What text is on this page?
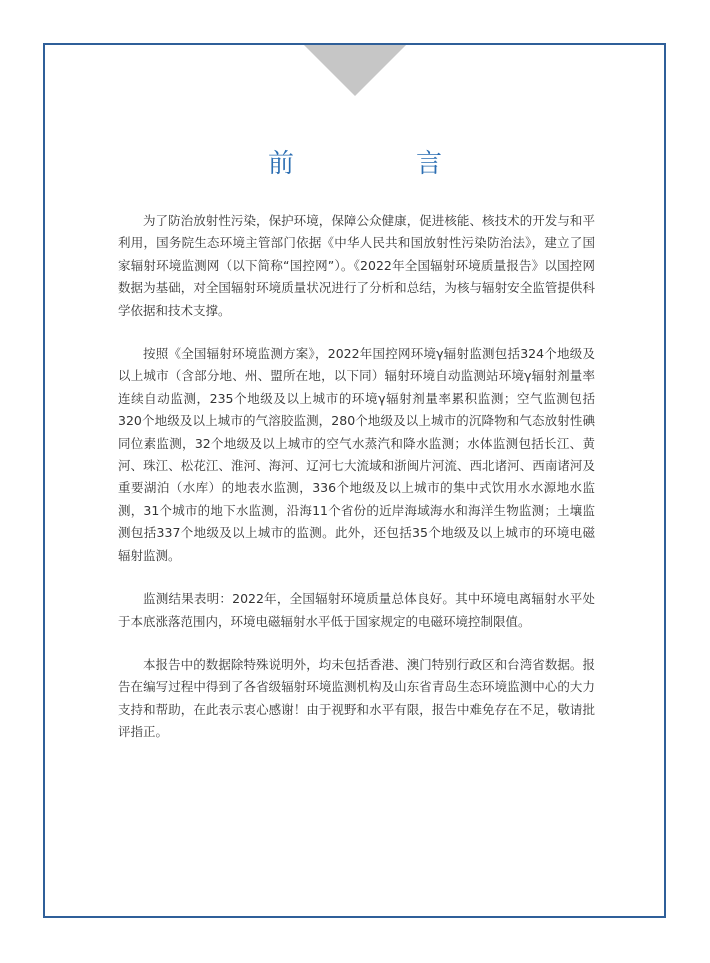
前　言

为了防治放射性污染，保护环境，保障公众健康，促进核能、核技术的开发与和平利用，国务院生态环境主管部门依据《中华人民共和国放射性污染防治法》，建立了国家辐射环境监测网（以下简称“国控网”）。《2022年全国辐射环境质量报告》以国控网数据为基础，对全国辐射环境质量状况进行了分析和总结，为核与辐射安全监管提供科学依据和技术支撑。

按照《全国辐射环境监测方案》，2022年国控网环境γ辐射监测包括324个地级及以上城市（含部分地、州、盟所在地，以下同）辐射环境自动监测站环境γ辐射剂量率连续自动监测，235个地级及以上城市的环境γ辐射剂量率累积监测；空气监测包括320个地级及以上城市的气溶胶监测，280个地级及以上城市的沉降物和气态放射性碘同位素监测，32个地级及以上城市的空气水蒸汽和降水监测；水体监测包括长江、黄河、珠江、松花江、淮河、海河、辽河七大流域和浙闽片河流、西北诸河、西南诸河及重要湖泊（水库）的地表水监测，336个地级及以上城市的集中式饮用水水源地水监测，31个城市的地下水监测，沿海11个省份的近岸海域海水和海洋生物监测；土壤监测包括337个地级及以上城市的监测。此外，还包括35个地级及以上城市的环境电磁辐射监测。

监测结果表明：2022年，全国辐射环境质量总体良好。其中环境电离辐射水平处于本底涨落范围内，环境电磁辐射水平低于国家规定的电磁环境控制限值。

本报告中的数据除特殊说明外，均未包括香港、澳门特别行政区和台湾省数据。报告在编写过程中得到了各省级辐射环境监测机构及山东省青岛生态环境监测中心的大力支持和帮助，在此表示衷心感谢！由于视野和水平有限，报告中难免存在不足，敬请批评指正。
